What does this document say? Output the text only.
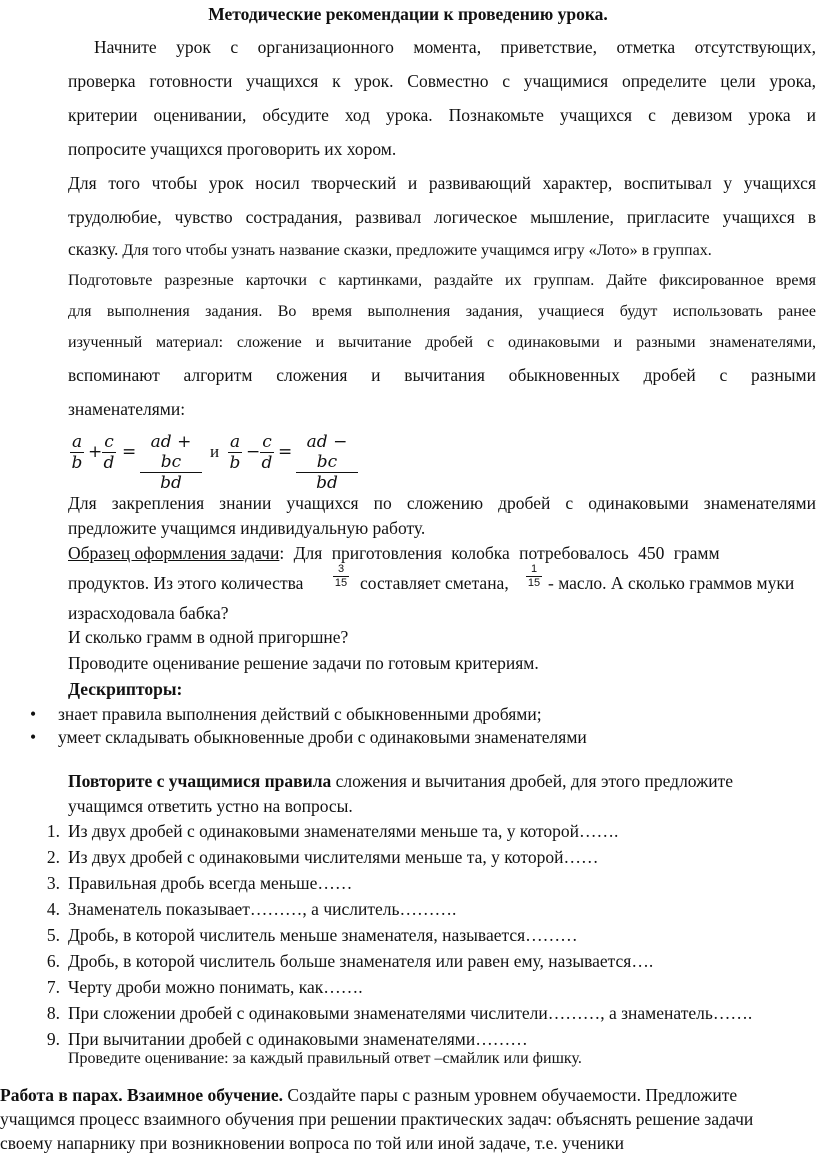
Методические рекомендации к проведению урока.
Начните урок с организационного момента, приветствие, отметка отсутствующих,
проверка готовности учащихся к урок. Совместно с учащимися определите цели урока,
критерии оценивании, обсудите ход урока. Познакомьте учащихся с девизом урока и
попросите учащихся проговорить их хором.
Для того чтобы урок носил творческий и развивающий характер, воспитывал у учащихся
трудолюбие, чувство сострадания, развивал логическое мышление, пригласите учащихся в
сказку. Для того чтобы узнать название сказки, предложите учащимся игру «Лото» в группах.
Подготовьте разрезные карточки с картинками, раздайте их группам. Дайте фиксированное время
для выполнения задания. Во время выполнения задания, учащиеся будут использовать ранее
изученный материал: сложение и вычитание дробей с одинаковыми и разными знаменателями,
вспоминают алгоритм сложения и вычитания обыкновенных дробей с разными
знаменателями:
$\frac{a}{b} + \frac{c}{d} = \frac{ad + bc}{bd}$ и $\frac{a}{b} - \frac{c}{d} = \frac{ad - bc}{bd}$
Для закрепления знании учащихся по сложению дробей с одинаковыми знаменателями
предложите учащимся индивидуальную работу.
Образец оформления задачи: Для приготовления колобка потребовалось 450 грамм
продуктов. Из этого количества	$\frac{3}{15}$ составляет сметана, $\frac{1}{15}$ - масло. А сколько граммов муки
израсходовала бабка?
И сколько грамм в одной пригоршне?
Проводите оценивание решение задачи по готовым критериям.
Дескрипторы:
• знает правила выполнения действий с обыкновенными дробями;
• умеет складывать обыкновенные дроби с одинаковыми знаменателями
Повторите с учащимися правила сложения и вычитания дробей, для этого предложите
учащимся ответить устно на вопросы.
1. Из двух дробей с одинаковыми знаменателями меньше та, у которой…….
2. Из двух дробей с одинаковыми числителями меньше та, у которой……
3. Правильная дробь всегда меньше……
4. Знаменатель показывает………, а числитель……….
5. Дробь, в которой числитель меньше знаменателя, называется………
6. Дробь, в которой числитель больше знаменателя или равен ему, называется….
7. Черту дроби можно понимать, как…….
8. При сложении дробей с одинаковыми знаменателями числители………, а знаменатель…….
9. При вычитании дробей с одинаковыми знаменателями………
Проведите оценивание: за каждый правильный ответ –смайлик или фишку.
Работа в парах. Взаимное обучение. Создайте пары с разным уровнем обучаемости. Предложите
учащимся процесс взаимного обучения при решении практических задач: объяснять решение задачи
своему напарнику при возникновении вопроса по той или иной задаче, т.е. ученики
